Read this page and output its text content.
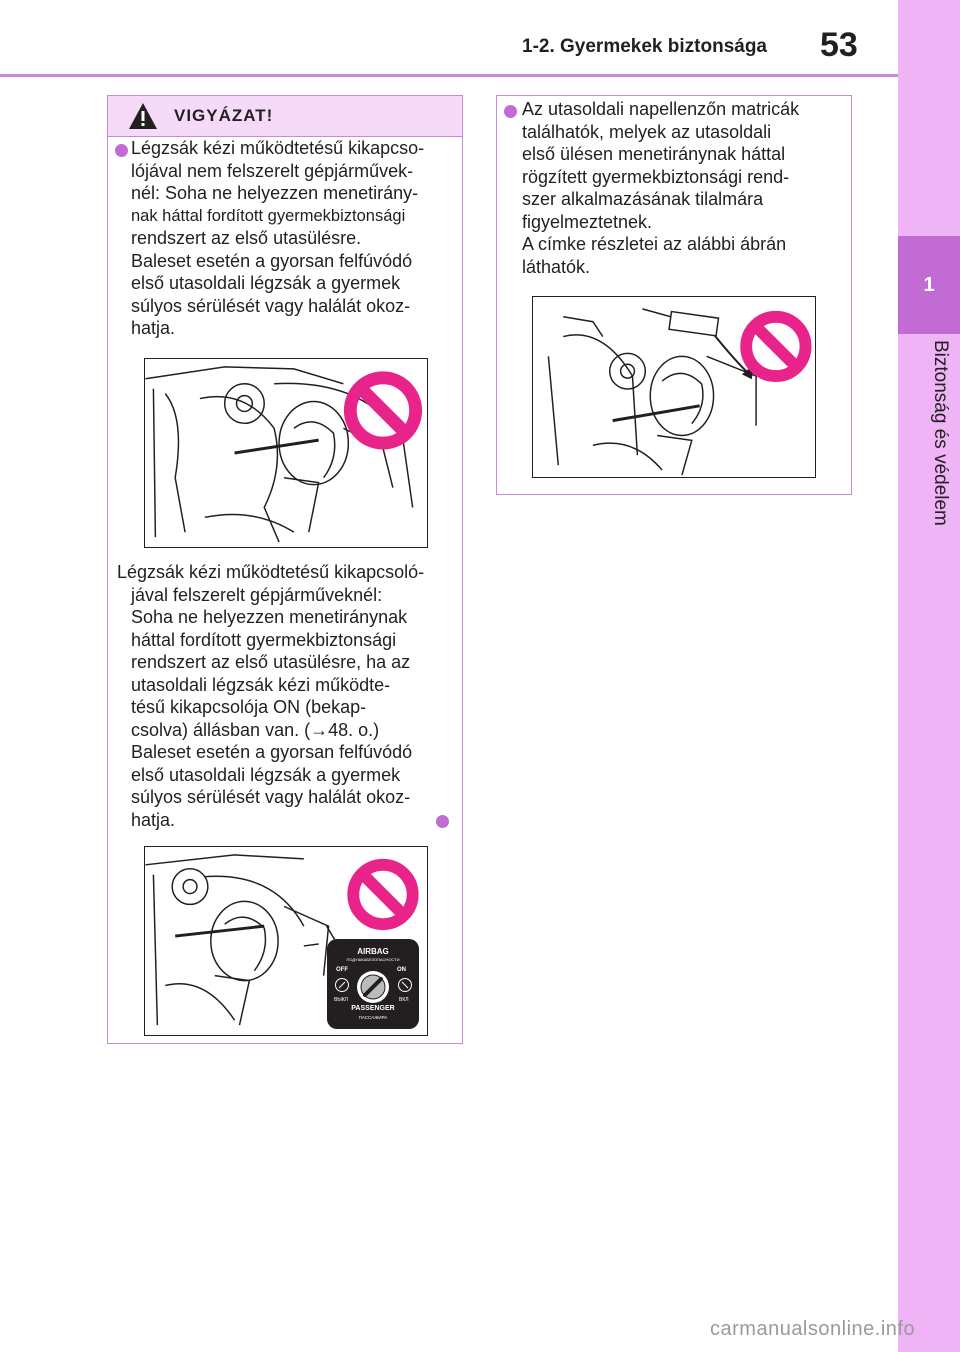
1-2. Gyermekek biztonsága 53
1
Biztonság és védelem
VIGYÁZAT!
Légzsák kézi működtetésű kikapcso-
lójával nem felszerelt gépjárművek-
nél: Soha ne helyezzen menetirány-
nak háttal fordított gyermekbiztonsági
rendszert az első utasülésre.
Baleset esetén a gyorsan felfúvódó
első utasoldali légzsák a gyermek
súlyos sérülését vagy halálát okoz-
hatja.
Légzsák kézi működtetésű kikapcsoló-
jával felszerelt gépjárműveknél:
Soha ne helyezzen menetiránynak
háttal fordított gyermekbiztonsági
rendszert az első utasülésre, ha az
utasoldali légzsák kézi működte-
tésű kikapcsolója ON (bekap-
csolva) állásban van. (→48. o.)
Baleset esetén a gyorsan felfúvódó
első utasoldali légzsák a gyermek
súlyos sérülését vagy halálát okoz-
hatja.
AIRBAG
ПОДУШКАБЕЗОПАСНОСТИ
OFF	ON
ВЫКЛ	ВКЛ
PASSENGER
ПАССАЖИРА
Az utasoldali napellenzőn matricák
találhatók, melyek az utasoldali
első ülésen menetiránynak háttal
rögzített gyermekbiztonsági rend-
szer alkalmazásának tilalmára
figyelmeztetnek.
A címke részletei az alábbi ábrán
láthatók.
carmanualsonline.info
